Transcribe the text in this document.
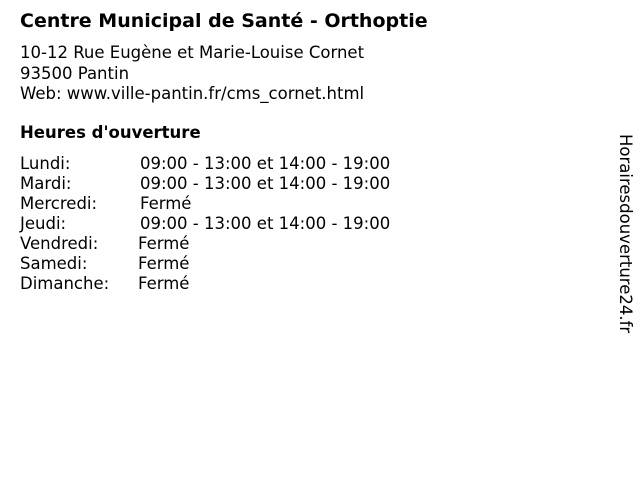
Centre Municipal de Santé - Orthoptie
10-12 Rue Eugène et Marie-Louise Cornet
93500 Pantin
Web: www.ville-pantin.fr/cms_cornet.html
Heures d'ouverture
Lundi:	09:00 - 13:00 et 14:00 - 19:00
Mardi:	09:00 - 13:00 et 14:00 - 19:00
Mercredi:	Fermé
Jeudi:	09:00 - 13:00 et 14:00 - 19:00
Vendredi: Fermé
Samedi:	Fermé
Dimanche: Fermé	Horairesdouverture24.fr
